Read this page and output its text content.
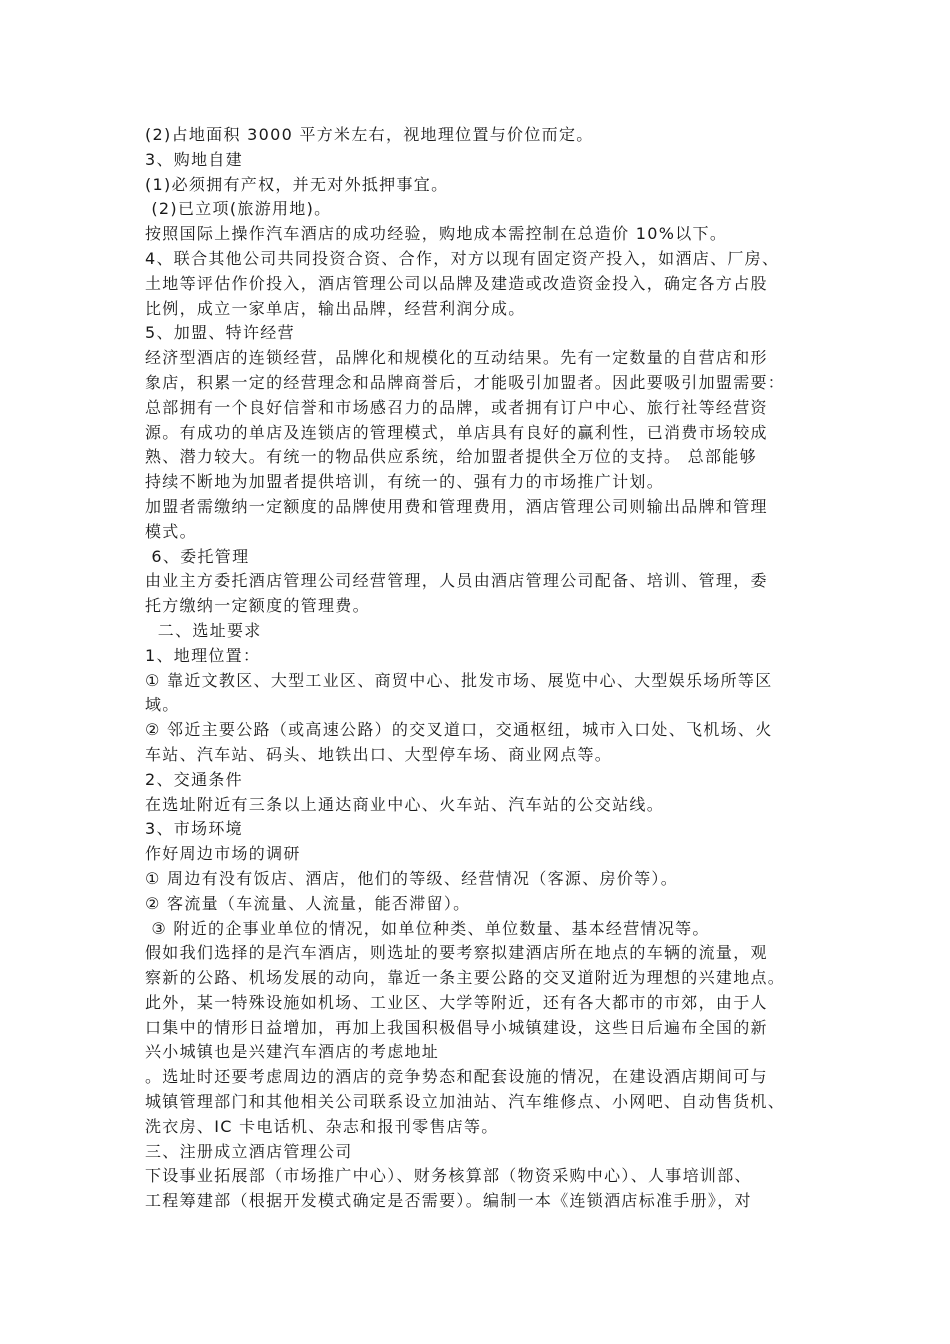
(2)占地面积 3000 平方米左右，视地理位置与价位而定。
3、购地自建
(1)必须拥有产权，并无对外抵押事宜。
(2)已立项(旅游用地)。
按照国际上操作汽车酒店的成功经验，购地成本需控制在总造价 10%以下。
4、联合其他公司共同投资合资、合作，对方以现有固定资产投入，如酒店、厂房、
土地等评估作价投入，酒店管理公司以品牌及建造或改造资金投入，确定各方占股
比例，成立一家单店，输出品牌，经营利润分成。
5、加盟、特许经营
经济型酒店的连锁经营，品牌化和规模化的互动结果。先有一定数量的自营店和形
象店，积累一定的经营理念和品牌商誉后，才能吸引加盟者。因此要吸引加盟需要：
总部拥有一个良好信誉和市场感召力的品牌，或者拥有订户中心、旅行社等经营资
源。有成功的单店及连锁店的管理模式，单店具有良好的赢利性，已消费市场较成
熟、潜力较大。有统一的物品供应系统，给加盟者提供全万位的支持。 总部能够
持续不断地为加盟者提供培训，有统一的、强有力的市场推广计划。
加盟者需缴纳一定额度的品牌使用费和管理费用，酒店管理公司则输出品牌和管理
模式。
6、委托管理
由业主方委托酒店管理公司经营管理，人员由酒店管理公司配备、培训、管理，委
托方缴纳一定额度的管理费。
二、选址要求
1、地理位置：
① 靠近文教区、大型工业区、商贸中心、批发市场、展览中心、大型娱乐场所等区
域。
② 邻近主要公路（或高速公路）的交叉道口，交通枢纽，城市入口处、飞机场、火
车站、汽车站、码头、地铁出口、大型停车场、商业网点等。
2、交通条件
在选址附近有三条以上通达商业中心、火车站、汽车站的公交站线。
3、市场环境
作好周边市场的调研
① 周边有没有饭店、酒店，他们的等级、经营情况（客源、房价等）。
② 客流量（车流量、人流量，能否滞留）。
③ 附近的企事业单位的情况，如单位种类、单位数量、基本经营情况等。
假如我们选择的是汽车酒店，则选址的要考察拟建酒店所在地点的车辆的流量，观
察新的公路、机场发展的动向，靠近一条主要公路的交叉道附近为理想的兴建地点。
此外，某一特殊设施如机场、工业区、大学等附近，还有各大都市的市郊，由于人
口集中的情形日益增加，再加上我国积极倡导小城镇建设，这些日后遍布全国的新
兴小城镇也是兴建汽车酒店的考虑地址
。选址时还要考虑周边的酒店的竞争势态和配套设施的情况，在建设酒店期间可与
城镇管理部门和其他相关公司联系设立加油站、汽车维修点、小网吧、自动售货机、
洗衣房、IC 卡电话机、杂志和报刊零售店等。
三、注册成立酒店管理公司
下设事业拓展部（市场推广中心）、财务核算部（物资采购中心）、人事培训部、
工程筹建部（根据开发模式确定是否需要）。编制一本《连锁酒店标准手册》，对
